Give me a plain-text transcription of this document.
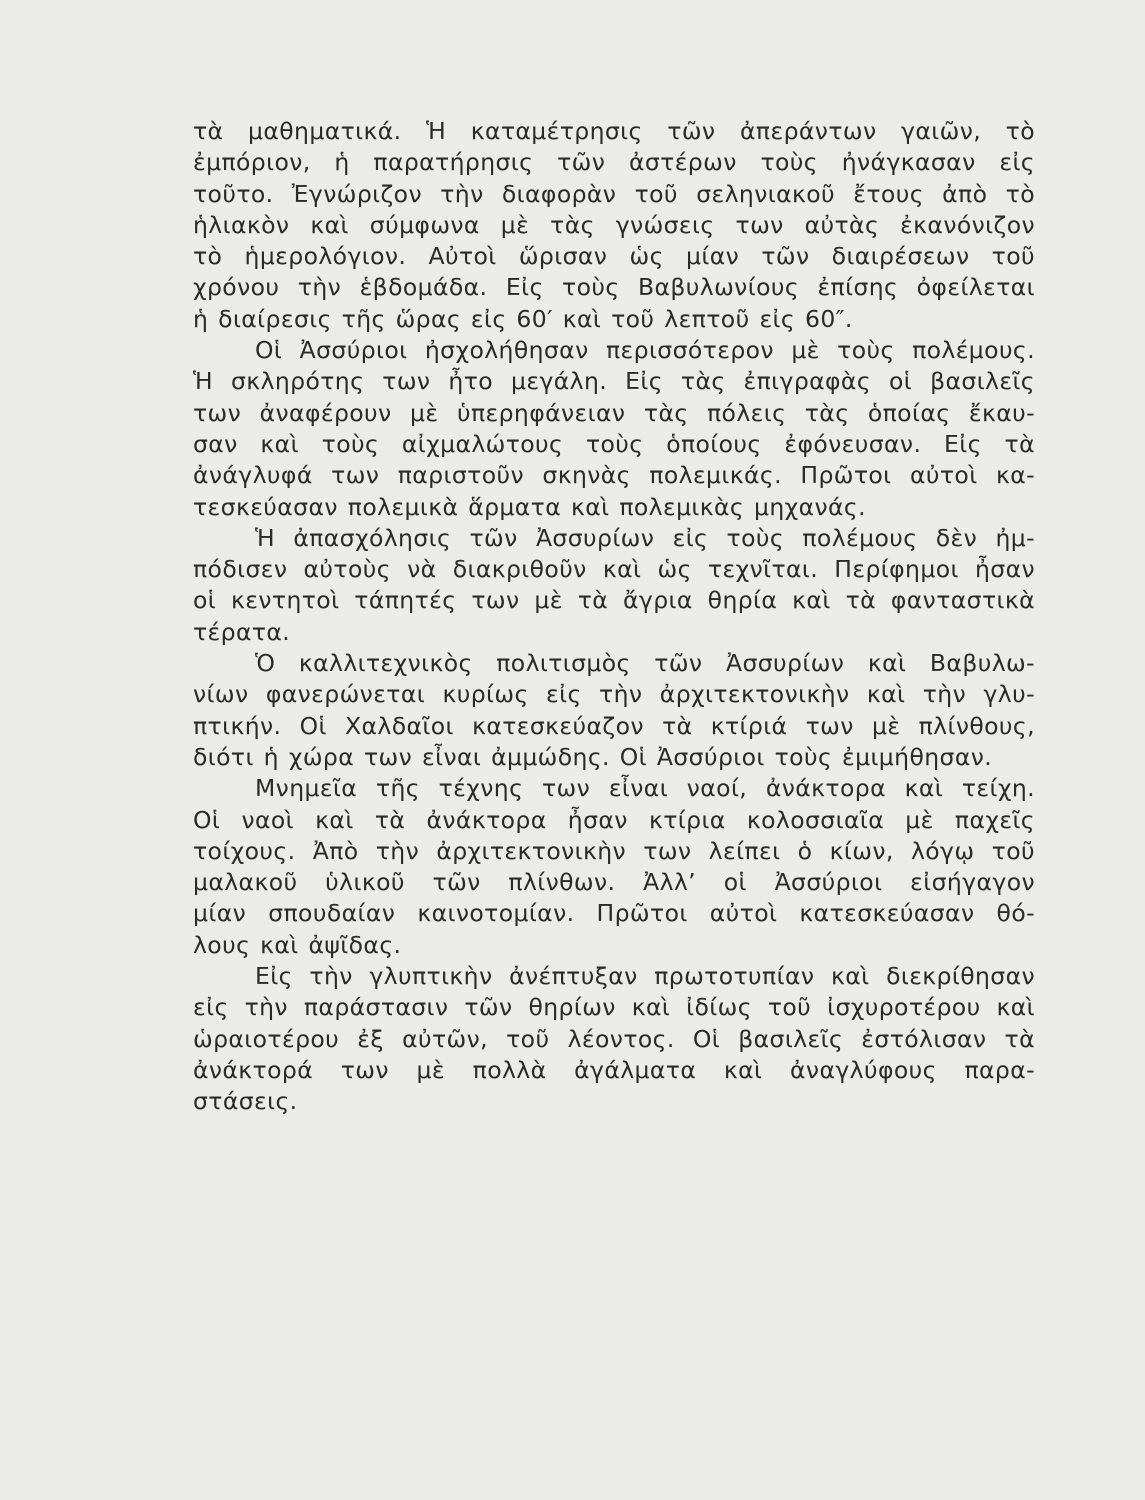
τὰ μαθηματικά. Ἡ καταμέτρησις τῶν ἀπεράντων γαιῶν, τὸ
ἐμπόριον, ἡ παρατήρησις τῶν ἀστέρων τοὺς ἠνάγκασαν εἰς
τοῦτο. Ἐγνώριζον τὴν διαφορὰν τοῦ σεληνιακοῦ ἔτους ἀπὸ τὸ
ἡλιακὸν καὶ σύμφωνα μὲ τὰς γνώσεις των αὐτὰς ἐκανόνιζον
τὸ ἡμερολόγιον. Αὐτοὶ ὥρισαν ὡς μίαν τῶν διαιρέσεων τοῦ
χρόνου τὴν ἑβδομάδα. Εἰς τοὺς Βαβυλωνίους ἐπίσης ὀφείλεται
ἡ διαίρεσις τῆς ὥρας εἰς 60′ καὶ τοῦ λεπτοῦ εἰς 60″.
Οἱ Ἀσσύριοι ἠσχολήθησαν περισσότερον μὲ τοὺς πολέμους.
Ἡ σκληρότης των ἦτο μεγάλη. Εἰς τὰς ἐπιγραφὰς οἱ βασιλεῖς
των ἀναφέρουν μὲ ὑπερηφάνειαν τὰς πόλεις τὰς ὁποίας ἔκαυ-
σαν καὶ τοὺς αἰχμαλώτους τοὺς ὁποίους ἐφόνευσαν. Εἰς τὰ
ἀνάγλυφά των παριστοῦν σκηνὰς πολεμικάς. Πρῶτοι αὐτοὶ κα-
τεσκεύασαν πολεμικὰ ἅρματα καὶ πολεμικὰς μηχανάς.
Ἡ ἀπασχόλησις τῶν Ἀσσυρίων εἰς τοὺς πολέμους δὲν ἠμ-
πόδισεν αὐτοὺς νὰ διακριθοῦν καὶ ὡς τεχνῖται. Περίφημοι ἦσαν
οἱ κεντητοὶ τάπητές των μὲ τὰ ἄγρια θηρία καὶ τὰ φανταστικὰ
τέρατα.
Ὁ καλλιτεχνικὸς πολιτισμὸς τῶν Ἀσσυρίων καὶ Βαβυλω-
νίων φανερώνεται κυρίως εἰς τὴν ἀρχιτεκτονικὴν καὶ τὴν γλυ-
πτικήν. Οἱ Χαλδαῖοι κατεσκεύαζον τὰ κτίριά των μὲ πλίνθους,
διότι ἡ χώρα των εἶναι ἀμμώδης. Οἱ Ἀσσύριοι τοὺς ἐμιμήθησαν.
Μνημεῖα τῆς τέχνης των εἶναι ναοί, ἀνάκτορα καὶ τείχη.
Οἱ ναοὶ καὶ τὰ ἀνάκτορα ἦσαν κτίρια κολοσσιαῖα μὲ παχεῖς
τοίχους. Ἀπὸ τὴν ἀρχιτεκτονικὴν των λείπει ὁ κίων, λόγῳ τοῦ
μαλακοῦ ὑλικοῦ τῶν πλίνθων. Ἀλλ’ οἱ Ἀσσύριοι εἰσήγαγον
μίαν σπουδαίαν καινοτομίαν. Πρῶτοι αὐτοὶ κατεσκεύασαν θό-
λους καὶ ἀψῖδας.
Εἰς τὴν γλυπτικὴν ἀνέπτυξαν πρωτοτυπίαν καὶ διεκρίθησαν
εἰς τὴν παράστασιν τῶν θηρίων καὶ ἰδίως τοῦ ἰσχυροτέρου καὶ
ὡραιοτέρου ἐξ αὐτῶν, τοῦ λέοντος. Οἱ βασιλεῖς ἐστόλισαν τὰ
ἀνάκτορά των μὲ πολλὰ ἀγάλματα καὶ ἀναγλύφους παρα-
στάσεις.
